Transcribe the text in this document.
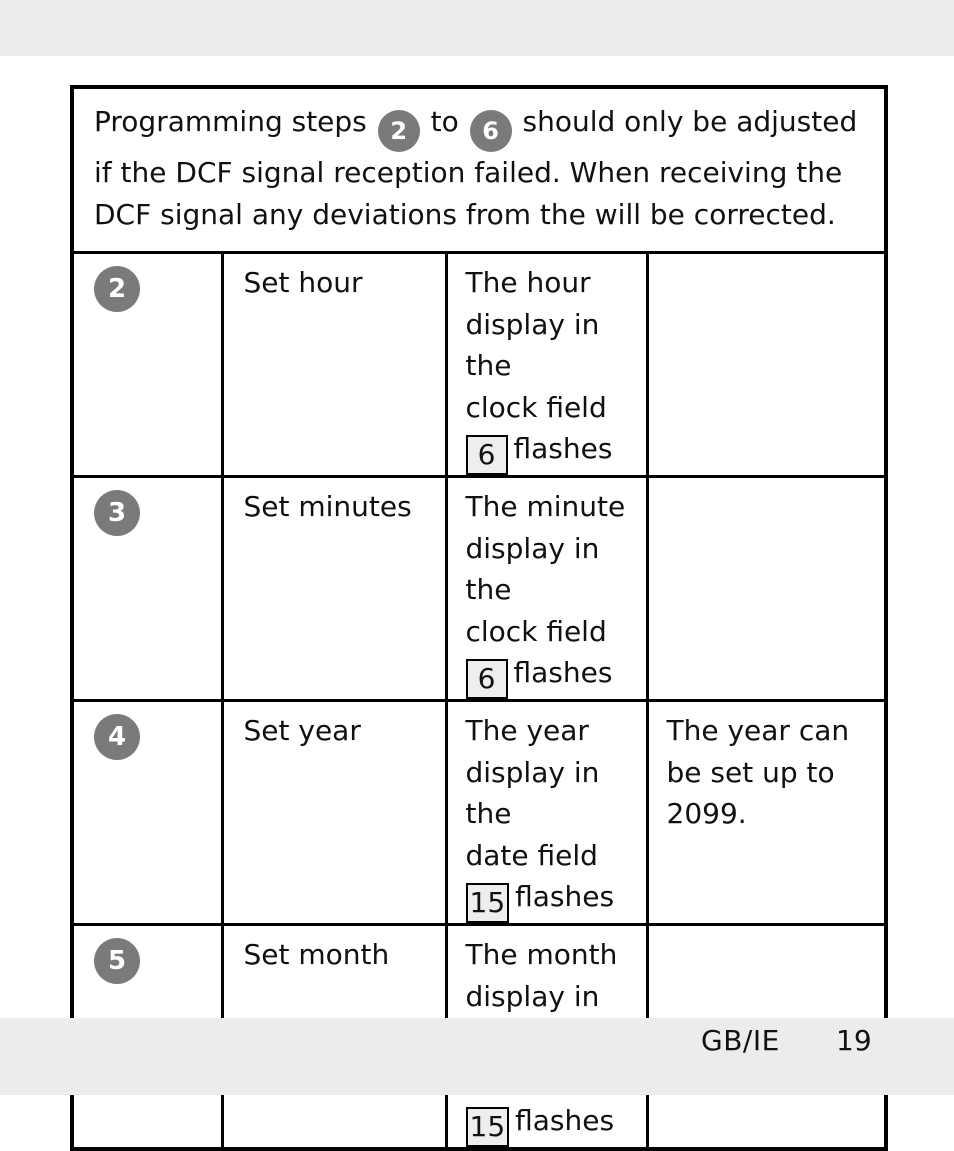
Programming steps 2 to 6 should only be adjusted if the DCF signal reception failed. When receiving the DCF signal any deviations from the will be corrected.			
2	Set hour	The hour
display in the
clock field
6 flashes	
3	Set minutes	The minute
display in the
clock field
6 flashes	
4	Set year	The year
display in the
date field
15 flashes	The year can be set up to 2099.
5	Set month	The month
display in

15 flashes	
GB/IE 19
